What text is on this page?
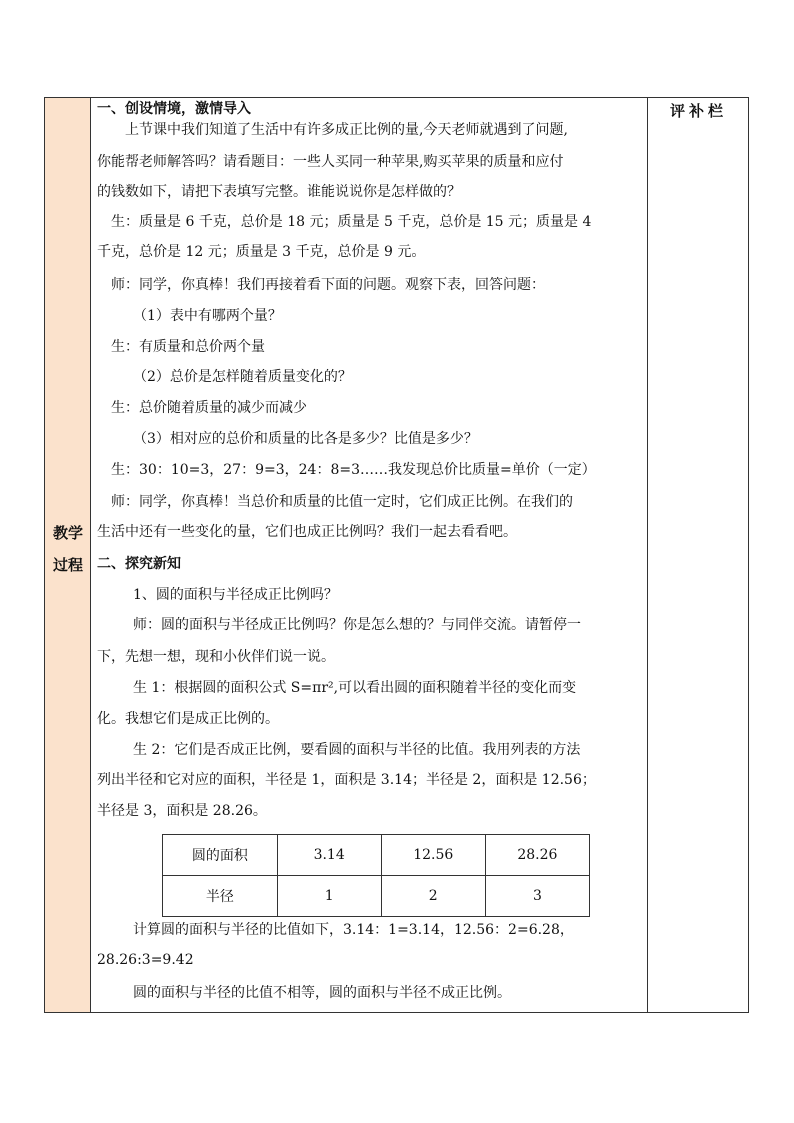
教学
过程
一、创设情境，激情导入
上节课中我们知道了生活中有许多成正比例的量,今天老师就遇到了问题,
你能帮老师解答吗？请看题目：一些人买同一种苹果,购买苹果的质量和应付
的钱数如下，请把下表填写完整。谁能说说你是怎样做的？
生：质量是 6 千克，总价是 18 元；质量是 5 千克，总价是 15 元；质量是 4
千克，总价是 12 元；质量是 3 千克，总价是 9 元。
师：同学，你真棒！我们再接着看下面的问题。观察下表，回答问题：
（1）表中有哪两个量？
生：有质量和总价两个量
（2）总价是怎样随着质量变化的？
生：总价随着质量的减少而减少
（3）相对应的总价和质量的比各是多少？比值是多少？
生：30：10=3，27：9=3，24：8=3……我发现总价比质量=单价（一定）
师：同学，你真棒！当总价和质量的比值一定时，它们成正比例。在我们的
生活中还有一些变化的量，它们也成正比例吗？我们一起去看看吧。
二、探究新知
1、圆的面积与半径成正比例吗？
师：圆的面积与半径成正比例吗？你是怎么想的？与同伴交流。请暂停一
下，先想一想，现和小伙伴们说一说。
生 1：根据圆的面积公式 S=πr²,可以看出圆的面积随着半径的变化而变
化。我想它们是成正比例的。
生 2：它们是否成正比例，要看圆的面积与半径的比值。我用列表的方法
列出半径和它对应的面积，半径是 1，面积是 3.14；半径是 2，面积是 12.56；
半径是 3，面积是 28.26。
圆的面积	3.14	12.56	28.26
半径	1	2	3
计算圆的面积与半径的比值如下，3.14：1=3.14，12.56：2=6.28，
28.26:3=9.42
圆的面积与半径的比值不相等，圆的面积与半径不成正比例。
评补栏
